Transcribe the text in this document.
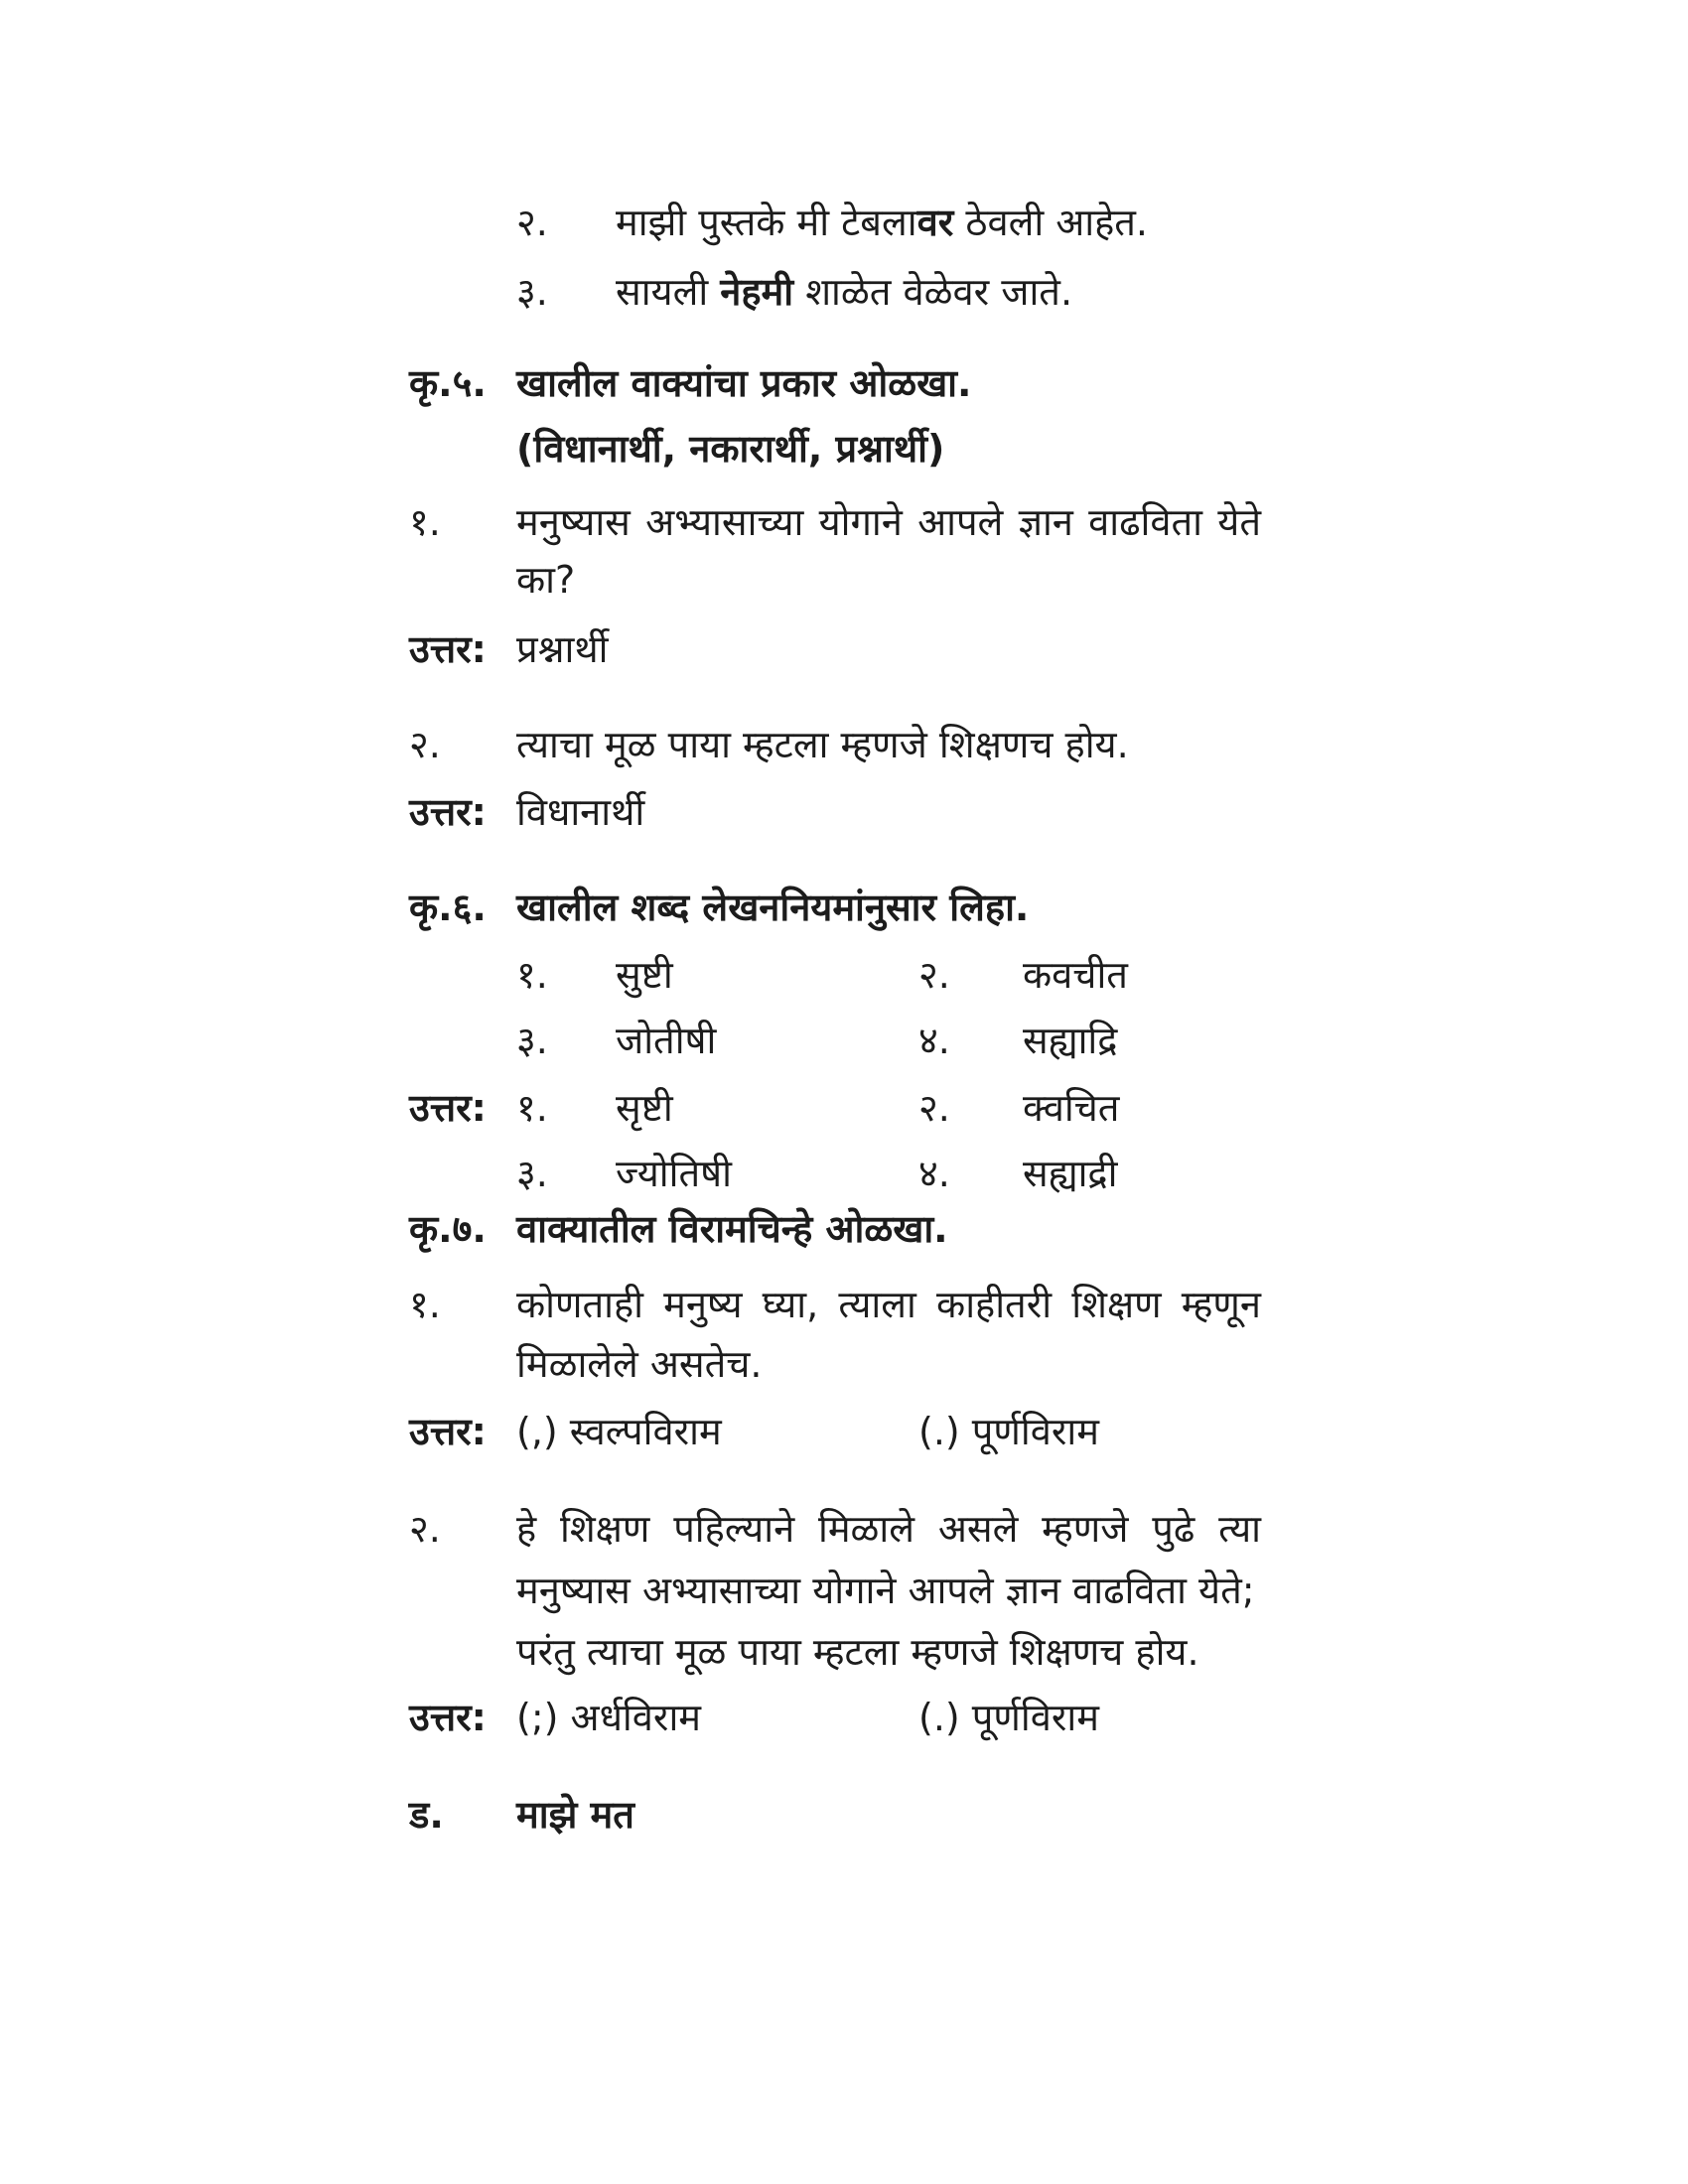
२. माझी पुस्तके मी टेबलावर ठेवली आहेत.
३. सायली नेहमी शाळेत वेळेवर जाते.
कृ.५. खालील वाक्यांचा प्रकार ओळखा.
(विधानार्थी, नकारार्थी, प्रश्नार्थी)
१. मनुष्यास अभ्यासाच्या योगाने आपले ज्ञान वाढविता येते
का?
उत्तर: प्रश्नार्थी
२. त्याचा मूळ पाया म्हटला म्हणजे शिक्षणच होय.
उत्तर: विधानार्थी
कृ.६. खालील शब्द लेखननियमांनुसार लिहा.
१. सुष्टी	२. कवचीत
३. जोतीषी	४. सह्याद्रि
उत्तर: १. सृष्टी	२. क्वचित
३. ज्योतिषी	४. सह्याद्री
कृ.७. वाक्यातील विरामचिन्हे ओळखा.
१. कोणताही मनुष्य घ्या, त्याला काहीतरी शिक्षण म्हणून
मिळालेले असतेच.
उत्तर: (,) स्वल्पविराम	(.) पूर्णविराम
२. हे शिक्षण पहिल्याने मिळाले असले म्हणजे पुढे त्या
मनुष्यास अभ्यासाच्या योगाने आपले ज्ञान वाढविता येते;
परंतु त्याचा मूळ पाया म्हटला म्हणजे शिक्षणच होय.
उत्तर: (;) अर्धविराम	(.) पूर्णविराम
ड. माझे मत
